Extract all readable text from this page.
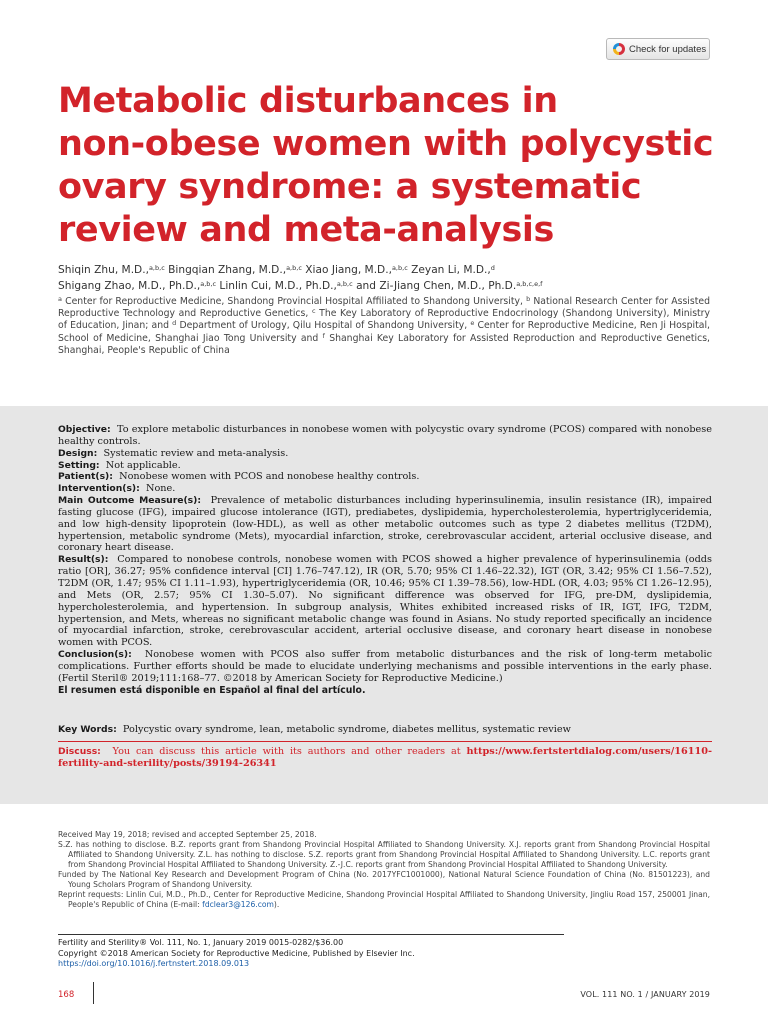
Check for updates
Metabolic disturbances in
non-obese women with polycystic
ovary syndrome: a systematic
review and meta-analysis
Shiqin Zhu, M.D.,$^{a,b,c}$ Bingqian Zhang, M.D.,$^{a,b,c}$ Xiao Jiang, M.D.,$^{a,b,c}$ Zeyan Li, M.D.,$^d$
Shigang Zhao, M.D., Ph.D.,$^{a,b,c}$ Linlin Cui, M.D., Ph.D.,$^{a,b,c}$ and Zi-Jiang Chen, M.D., Ph.D.$^{a,b,c,e,f}$
$^a$ Center for Reproductive Medicine, Shandong Provincial Hospital Affiliated to Shandong University, $^b$ National Research Center for Assisted Reproductive Technology and Reproductive Genetics, $^c$ The Key Laboratory of Reproductive Endocrinology (Shandong University), Ministry of Education, Jinan; and $^d$ Department of Urology, Qilu Hospital of Shandong University, $^e$ Center for Reproductive Medicine, Ren Ji Hospital, School of Medicine, Shanghai Jiao Tong University and $^f$ Shanghai Key Laboratory for Assisted Reproduction and Reproductive Genetics, Shanghai, People's Republic of China

Objective: To explore metabolic disturbances in nonobese women with polycystic ovary syndrome (PCOS) compared with nonobese healthy controls.

Design: Systematic review and meta-analysis.

Setting: Not applicable.

Patient(s): Nonobese women with PCOS and nonobese healthy controls.

Intervention(s): None.

Main Outcome Measure(s): Prevalence of metabolic disturbances including hyperinsulinemia, insulin resistance (IR), impaired fasting glucose (IFG), impaired glucose intolerance (IGT), prediabetes, dyslipidemia, hypercholesterolemia, hypertriglyceridemia, and low high-density lipoprotein (low-HDL), as well as other metabolic outcomes such as type 2 diabetes mellitus (T2DM), hypertension, metabolic syndrome (Mets), myocardial infarction, stroke, cerebrovascular accident, arterial occlusive disease, and coronary heart disease.

Result(s): Compared to nonobese controls, nonobese women with PCOS showed a higher prevalence of hyperinsulinemia (odds ratio [OR], 36.27; 95% confidence interval [CI] 1.76–747.12), IR (OR, 5.70; 95% CI 1.46–22.32), IGT (OR, 3.42; 95% CI 1.56–7.52), T2DM (OR, 1.47; 95% CI 1.11–1.93), hypertriglyceridemia (OR, 10.46; 95% CI 1.39–78.56), low-HDL (OR, 4.03; 95% CI 1.26–12.95), and Mets (OR, 2.57; 95% CI 1.30–5.07). No significant difference was observed for IFG, pre-DM, dyslipidemia, hypercholesterolemia, and hypertension. In subgroup analysis, Whites exhibited increased risks of IR, IGT, IFG, T2DM, hypertension, and Mets, whereas no significant metabolic change was found in Asians. No study reported specifically an incidence of myocardial infarction, stroke, cerebrovascular accident, arterial occlusive disease, and coronary heart disease in nonobese women with PCOS.

Conclusion(s): Nonobese women with PCOS also suffer from metabolic disturbances and the risk of long-term metabolic complications. Further efforts should be made to elucidate underlying mechanisms and possible interventions in the early phase. (Fertil Steril® 2019;111:168–77. ©2018 by American Society for Reproductive Medicine.)

El resumen está disponible en Español al final del artículo.

Key Words: Polycystic ovary syndrome, lean, metabolic syndrome, diabetes mellitus, systematic review
Discuss: You can discuss this article with its authors and other readers at https://www.fertstertdialog.com/users/16110-fertility-and-sterility/posts/39194-26341

Received May 19, 2018; revised and accepted September 25, 2018.

S.Z. has nothing to disclose. B.Z. reports grant from Shandong Provincial Hospital Affiliated to Shandong University. X.J. reports grant from Shandong Provincial Hospital Affiliated to Shandong University. Z.L. has nothing to disclose. S.Z. reports grant from Shandong Provincial Hospital Affiliated to Shandong University. L.C. reports grant from Shandong Provincial Hospital Affiliated to Shandong University. Z.-J.C. reports grant from Shandong Provincial Hospital Affiliated to Shandong University.

Funded by The National Key Research and Development Program of China (No. 2017YFC1001000), National Natural Science Foundation of China (No. 81501223), and Young Scholars Program of Shandong University.

Reprint requests: Linlin Cui, M.D., Ph.D., Center for Reproductive Medicine, Shandong Provincial Hospital Affiliated to Shandong University, Jingliu Road 157, 250001 Jinan, People's Republic of China (E-mail: fdclear3@126.com).

Fertility and Sterility® Vol. 111, No. 1, January 2019 0015-0282/$36.00
Copyright ©2018 American Society for Reproductive Medicine, Published by Elsevier Inc.
https://doi.org/10.1016/j.fertnstert.2018.09.013
168	VOL. 111 NO. 1 / JANUARY 2019
